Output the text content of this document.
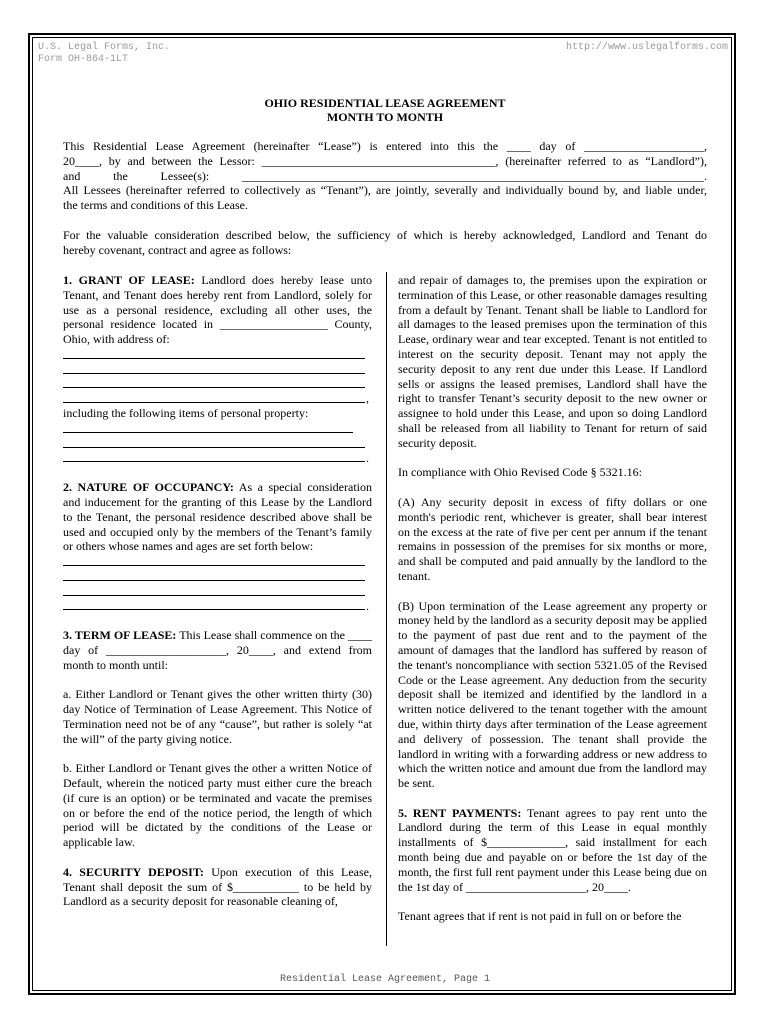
U.S. Legal Forms, Inc.
Form OH-864-1LT
http://www.uslegalforms.com
OHIO RESIDENTIAL LEASE AGREEMENT
MONTH TO MONTH
This Residential Lease Agreement (hereinafter “Lease”) is entered into this the ____ day of ____________________,
20____, by and between the Lessor: _______________________________________, (hereinafter referred to as “Landlord”),
and the Lessee(s): _____________________________________________________________________________.
All Lessees (hereinafter referred to collectively as “Tenant”), are jointly, severally and individually bound by, and liable under,
the terms and conditions of this Lease.
For the valuable consideration described below, the sufficiency of which is hereby acknowledged, Landlord and Tenant do
hereby covenant, contract and agree as follows:

1. GRANT OF LEASE: Landlord does hereby lease unto Tenant, and Tenant does hereby rent from Landlord, solely for use as a personal residence, excluding all other uses, the personal residence located in __________________ County, Ohio, with address of:

,

including the following items of personal property:

.

2. NATURE OF OCCUPANCY: As a special consideration and inducement for the granting of this Lease by the Landlord to the Tenant, the personal residence described above shall be used and occupied only by the members of the Tenant’s family or others whose names and ages are set forth below:

.

3. TERM OF LEASE: This Lease shall commence on the ____ day of ____________________, 20____, and extend from month to month until:

a. Either Landlord or Tenant gives the other written thirty (30) day Notice of Termination of Lease Agreement. This Notice of Termination need not be of any “cause”, but rather is solely “at the will” of the party giving notice.

b. Either Landlord or Tenant gives the other a written Notice of Default, wherein the noticed party must either cure the breach (if cure is an option) or be terminated and vacate the premises on or before the end of the notice period, the length of which period will be dictated by the conditions of the Lease or applicable law.

4. SECURITY DEPOSIT: Upon execution of this Lease, Tenant shall deposit the sum of $___________ to be held by Landlord as a security deposit for reasonable cleaning of,

and repair of damages to, the premises upon the expiration or termination of this Lease, or other reasonable damages resulting from a default by Tenant. Tenant shall be liable to Landlord for all damages to the leased premises upon the termination of this Lease, ordinary wear and tear excepted. Tenant is not entitled to interest on the security deposit. Tenant may not apply the security deposit to any rent due under this Lease. If Landlord sells or assigns the leased premises, Landlord shall have the right to transfer Tenant’s security deposit to the new owner or assignee to hold under this Lease, and upon so doing Landlord shall be released from all liability to Tenant for return of said security deposit.

In compliance with Ohio Revised Code § 5321.16:

(A) Any security deposit in excess of fifty dollars or one month's periodic rent, whichever is greater, shall bear interest on the excess at the rate of five per cent per annum if the tenant remains in possession of the premises for six months or more, and shall be computed and paid annually by the landlord to the tenant.

(B) Upon termination of the Lease agreement any property or money held by the landlord as a security deposit may be applied to the payment of past due rent and to the payment of the amount of damages that the landlord has suffered by reason of the tenant's noncompliance with section 5321.05 of the Revised Code or the Lease agreement. Any deduction from the security deposit shall be itemized and identified by the landlord in a written notice delivered to the tenant together with the amount due, within thirty days after termination of the Lease agreement and delivery of possession. The tenant shall provide the landlord in writing with a forwarding address or new address to which the written notice and amount due from the landlord may be sent.

5. RENT PAYMENTS: Tenant agrees to pay rent unto the Landlord during the term of this Lease in equal monthly installments of $_____________, said installment for each month being due and payable on or before the 1st day of the month, the first full rent payment under this Lease being due on the 1st day of ____________________, 20____.

Tenant agrees that if rent is not paid in full on or before the

Residential Lease Agreement, Page 1
